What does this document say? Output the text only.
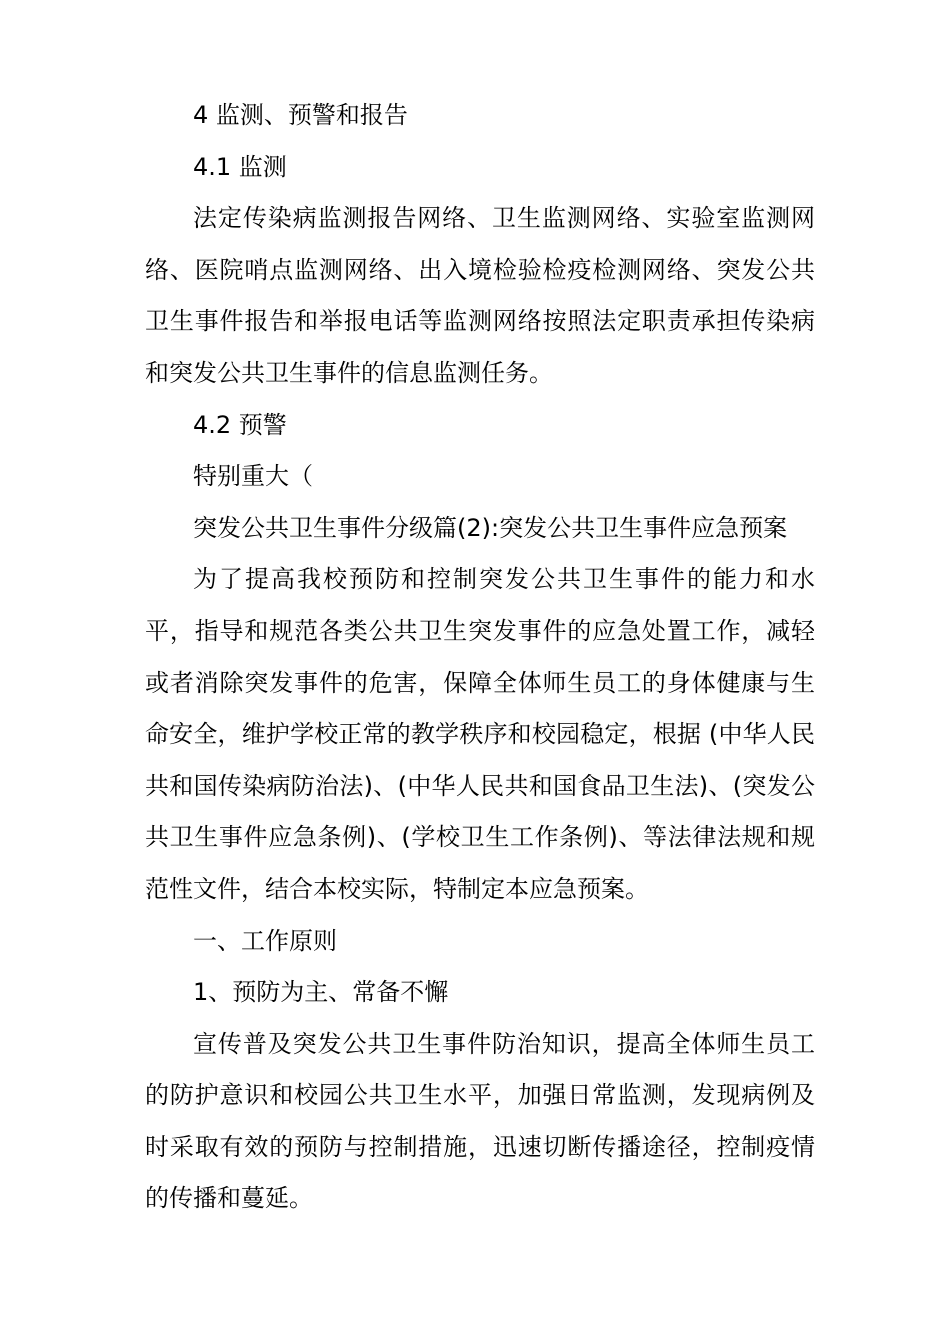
4 监测、预警和报告

4.1 监测

法定传染病监测报告网络、卫生监测网络、实验室监测网络、医院哨点监测网络、出入境检验检疫检测网络、突发公共卫生事件报告和举报电话等监测网络按照法定职责承担传染病和突发公共卫生事件的信息监测任务。

4.2 预警

特别重大（

突发公共卫生事件分级篇(2):突发公共卫生事件应急预案

为了提高我校预防和控制突发公共卫生事件的能力和水平，指导和规范各类公共卫生突发事件的应急处置工作，减轻或者消除突发事件的危害，保障全体师生员工的身体健康与生命安全，维护学校正常的教学秩序和校园稳定，根据 (中华人民共和国传染病防治法)、(中华人民共和国食品卫生法)、(突发公共卫生事件应急条例)、(学校卫生工作条例)、等法律法规和规范性文件，结合本校实际，特制定本应急预案。

一、工作原则

1、预防为主、常备不懈

宣传普及突发公共卫生事件防治知识，提高全体师生员工的防护意识和校园公共卫生水平，加强日常监测，发现病例及时采取有效的预防与控制措施，迅速切断传播途径，控制疫情的传播和蔓延。
